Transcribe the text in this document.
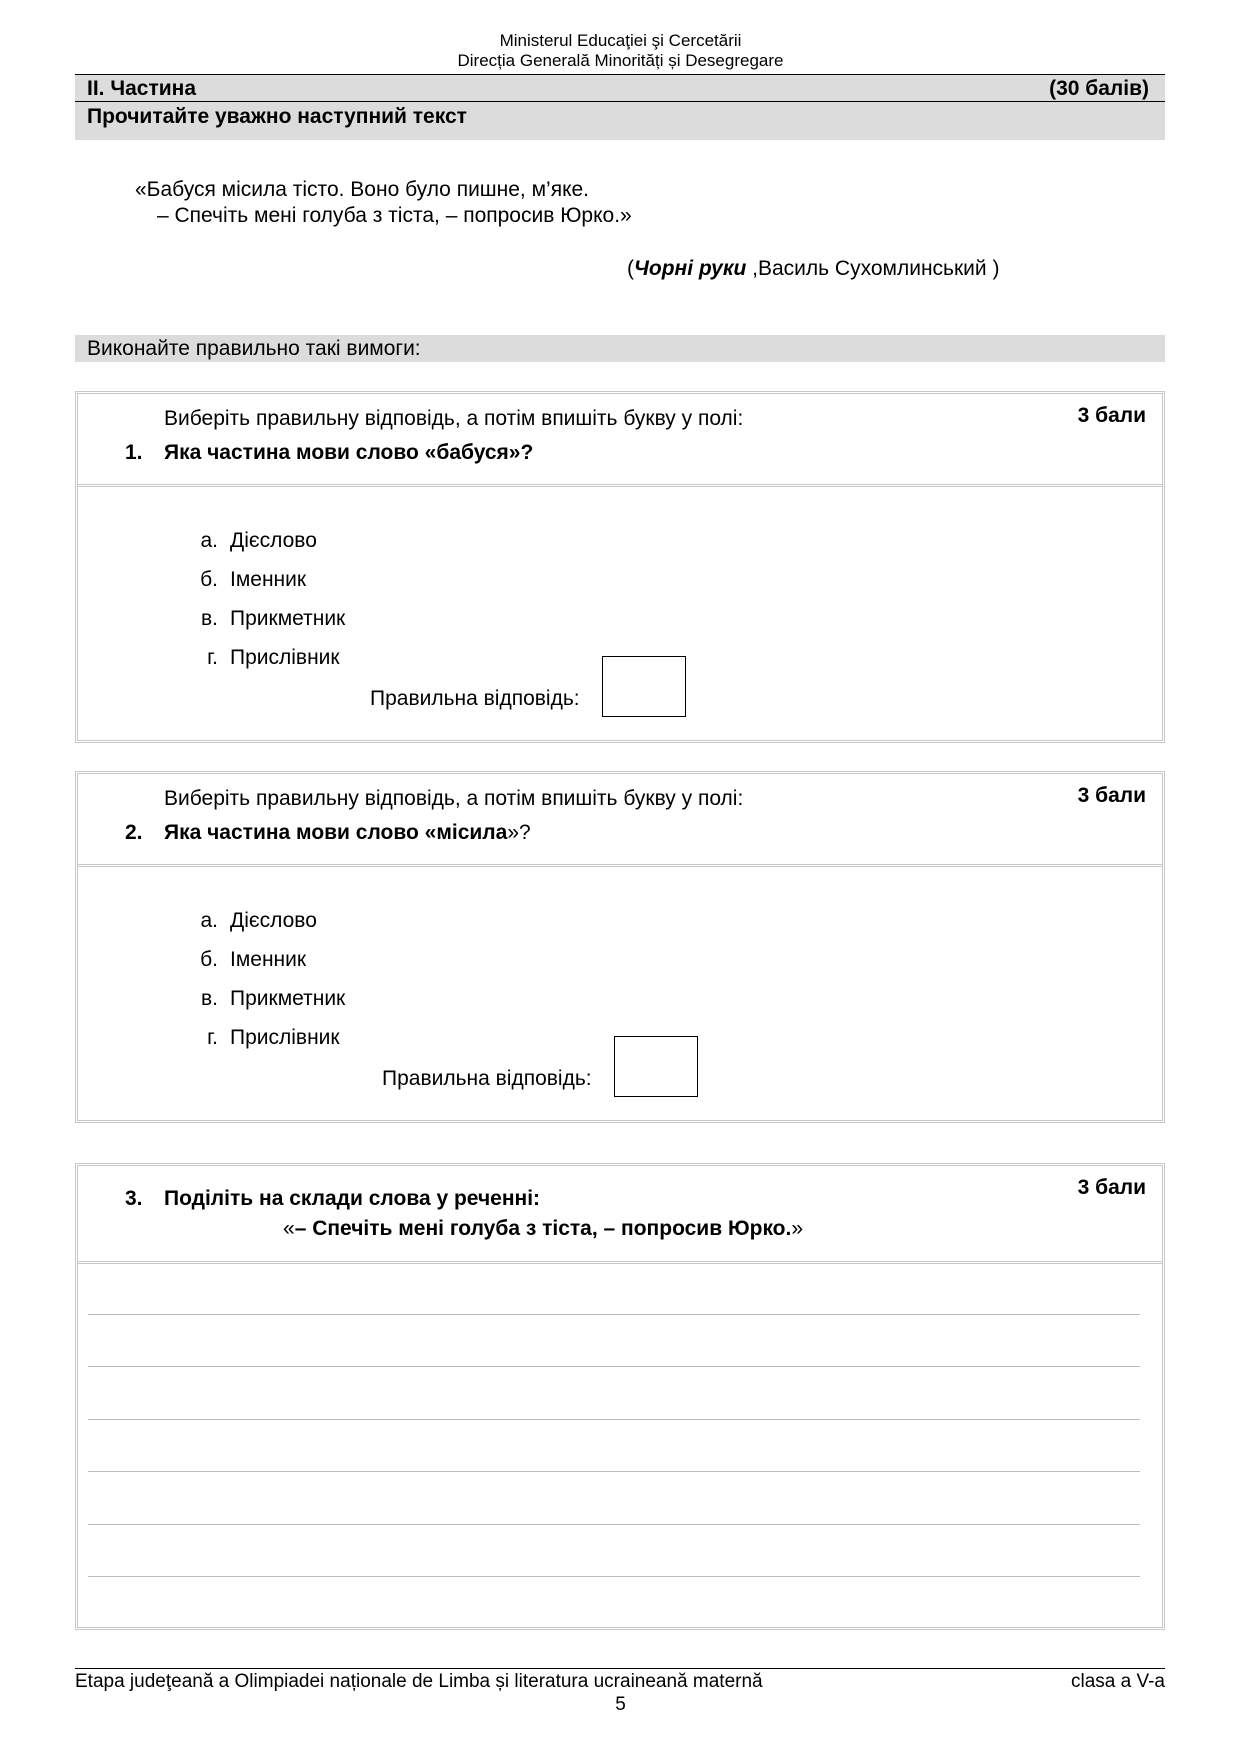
Ministerul Educaţiei şi Cercetării
Direcția Generală Minorități și Desegregare
II. Частина	(30 балів)
Прочитайте уважно наступний текст
«Бабуся місила тісто. Воно було пишне, м’яке.
– Спечіть мені голуба з тіста, – попросив Юрко.»
(Чорні руки ,Василь Сухомлинський )
Виконайте правильно такі вимоги:
Виберіть правильну відповідь, а потім впишіть букву у полі:	3 бали
1. Яка частина мови слово «бабуся»?
а. Дієслово
б. Іменник
в. Прикметник
г. Прислівник
Правильна відповідь:
Виберіть правильну відповідь, а потім впишіть букву у полі:	3 бали
2. Яка частина мови слово «місила»?
а. Дієслово
б. Іменник
в. Прикметник
г. Прислівник
Правильна відповідь:
3 бали
3. Поділіть на склади слова у реченні:
«– Спечіть мені голуба з тіста, – попросив Юрко.»
Etapa judeţeană a Olimpiadei naționale de Limba și literatura ucraineană maternă	clasa a V-a
5
